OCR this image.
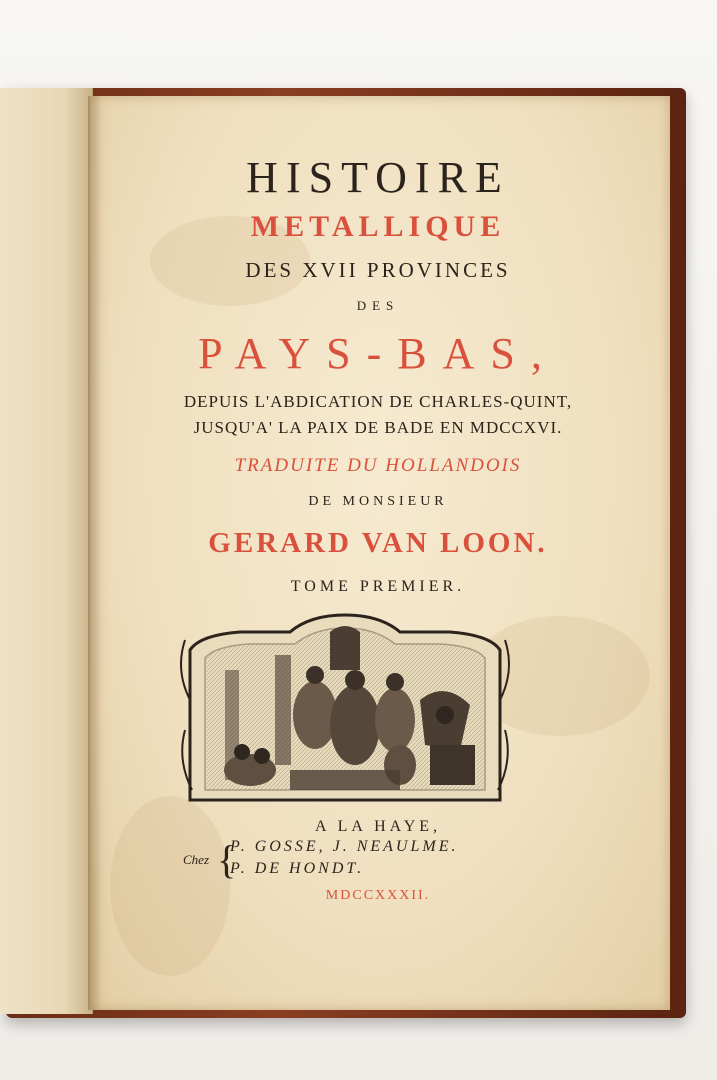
HISTOIRE
METALLIQUE
DES XVII PROVINCES
DES
PAYS-BAS,
DEPUIS L'ABDICATION DE CHARLES-QUINT,
JUSQU'A' LA PAIX DE BADE EN MDCCXVI.
TRADUITE DU HOLLANDOIS
DE MONSIEUR
GERARD VAN LOON.
TOME PREMIER.
A LA HAYE,
Chez {
P. GOSSE, J. NEAULME.
P. DE HONDT.
MDCCXXXII.
